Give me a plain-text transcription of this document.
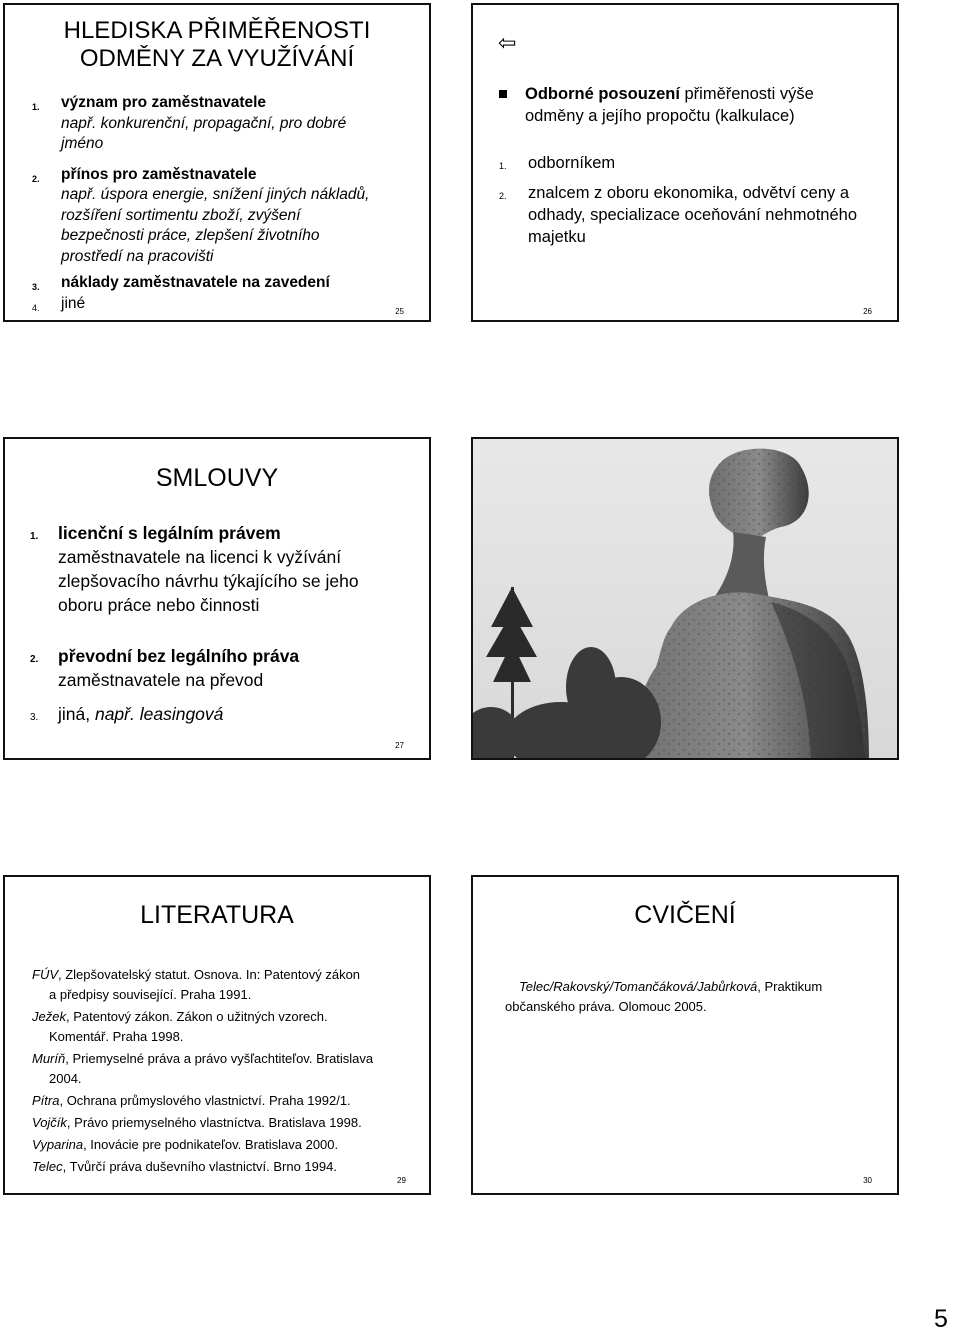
HLEDISKA PŘIMĚŘENOSTI
ODMĚNY ZA VYUŽÍVÁNÍ
1. význam pro zaměstnavatele
např. konkurenční, propagační, pro dobré
jméno
2. přínos pro zaměstnavatele
např. úspora energie, snížení jiných nákladů,
rozšíření sortimentu zboží, zvýšení
bezpečnosti práce, zlepšení životního
prostředí na pracovišti
3. náklady zaměstnavatele na zavedení
4. jiné	25
⇦
Odborné posouzení přiměřenosti výše odměny a jejího propočtu (kalkulace)
1. odborníkem
2. znalcem z oboru ekonomika, odvětví ceny a odhady, specializace oceňování nehmotného majetku
26
SMLOUVY
1. licenční s legálním právem
zaměstnavatele na licenci k vyžívání
zlepšovacího návrhu týkajícího se jeho
oboru práce nebo činnosti
2. převodní bez legálního práva
zaměstnavatele na převod
3. jiná, např. leasingová
27
LITERATURA
FÚV, Zlepšovatelský statut. Osnova. In: Patentový zákon
a předpisy související. Praha 1991.
Ježek, Patentový zákon. Zákon o užitných vzorech.
Komentář. Praha 1998.
Muríň, Priemyselné práva a právo vyšľachtiteľov. Bratislava
2004.
Pítra, Ochrana průmyslového vlastnictví. Praha 1992/1.
Vojčík, Právo priemyselného vlastníctva. Bratislava 1998.
Vyparina, Inovácie pre podnikateľov. Bratislava 2000.
Telec, Tvůrčí práva duševního vlastnictví. Brno 1994.
29
CVIČENÍ
Telec/Rakovský/Tomančáková/Jabůrková, Praktikum
občanského práva. Olomouc 2005.
30
5
